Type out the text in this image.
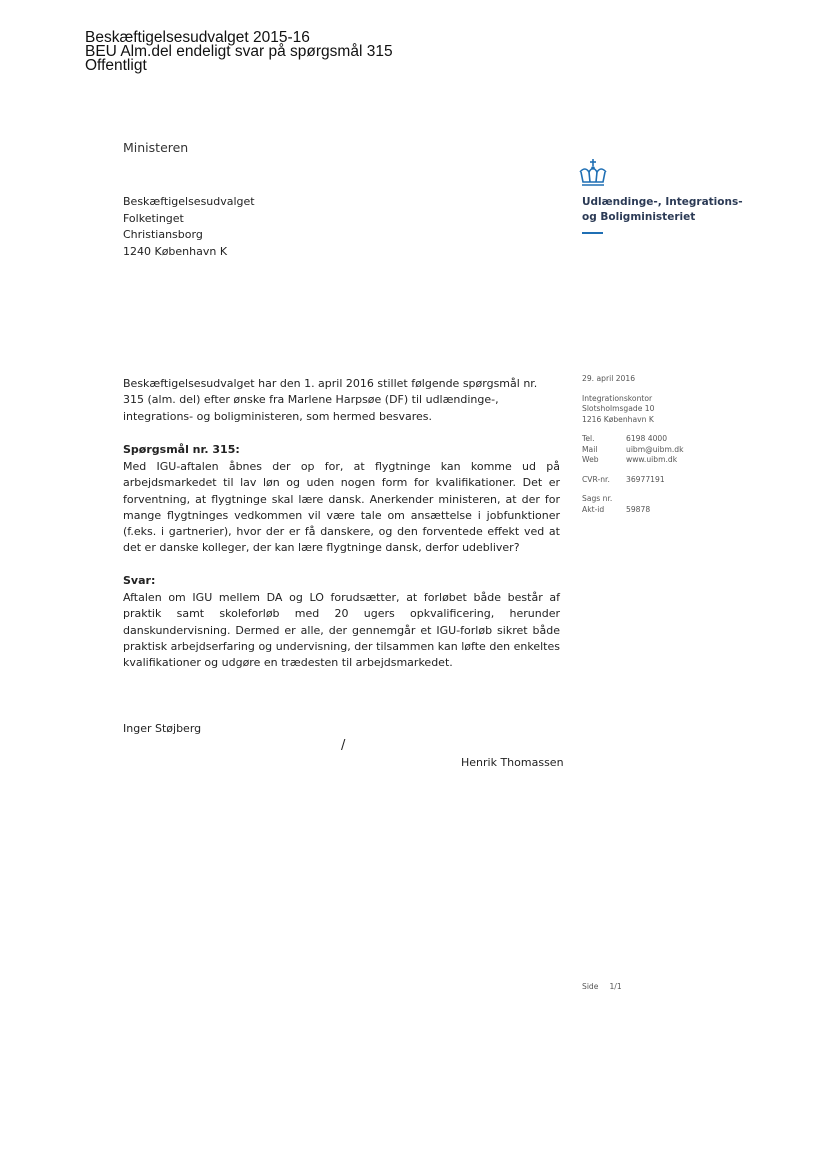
Beskæftigelsesudvalget 2015-16
BEU Alm.del endeligt svar på spørgsmål 315
Offentligt
Ministeren
Beskæftigelsesudvalget
Folketinget
Christiansborg
1240 København K
Udlændinge-, Integrations-
og Boligministeriet
Beskæftigelsesudvalget har den 1. april 2016 stillet følgende spørgsmål nr. 315 (alm. del) efter ønske fra Marlene Harpsøe (DF) til udlændinge-, integrations- og boligministeren, som hermed besvares.
Spørgsmål nr. 315:
Med IGU-aftalen åbnes der op for, at flygtninge kan komme ud på arbejdsmarkedet til lav løn og uden nogen form for kvalifikationer. Det er forventning, at flygtninge skal lære dansk. Anerkender ministeren, at der for mange flygtninges vedkommen vil være tale om ansættelse i jobfunktioner (f.eks. i gartnerier), hvor der er få danskere, og den forventede effekt ved at det er danske kolleger, der kan lære flygtninge dansk, derfor udebliver?
Svar:
Aftalen om IGU mellem DA og LO forudsætter, at forløbet både består af praktik samt skoleforløb med 20 ugers opkvalificering, herunder danskundervisning. Dermed er alle, der gennemgår et IGU-forløb sikret både praktisk arbejdserfaring og undervisning, der tilsammen kan løfte den enkeltes kvalifikationer og udgøre en trædesten til arbejdsmarkedet.
29. april 2016
Integrationskontor
Slotsholmsgade 10
1216 København K
Tel.	6198 4000
Mail	uibm@uibm.dk
Web	www.uibm.dk
CVR-nr.	36977191
Sags nr.
Akt-id	59878
Inger Støjberg
/
Henrik Thomassen
Side 1/1
